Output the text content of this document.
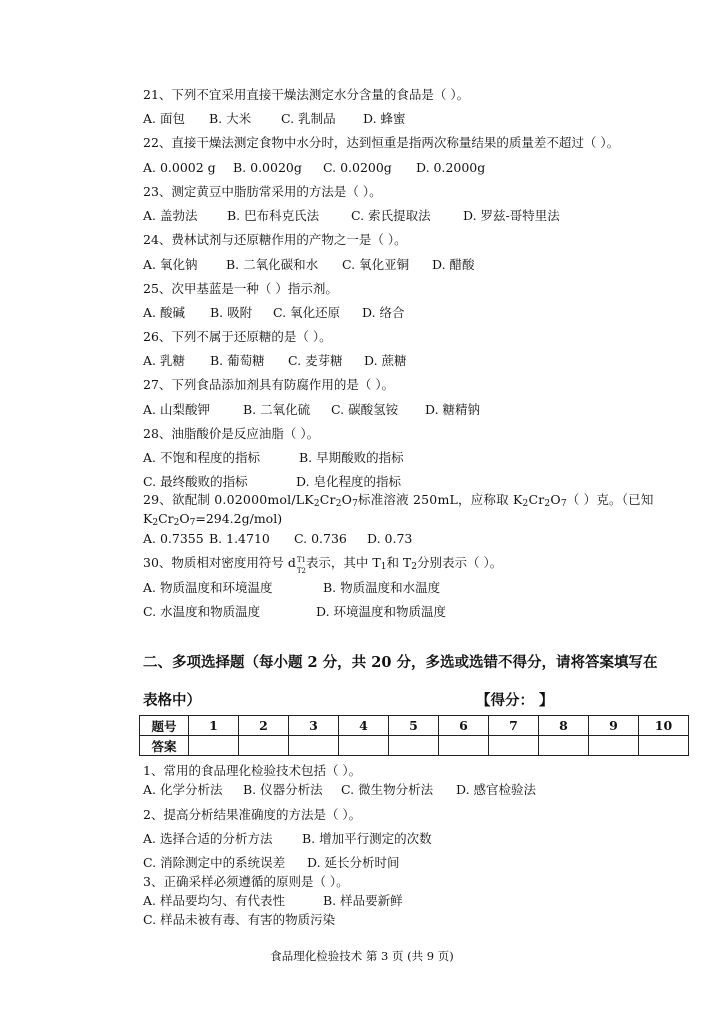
21、下列不宜采用直接干燥法测定水分含量的食品是（ ）。
A. 面包 B. 大米 C. 乳制品 D. 蜂蜜
22、直接干燥法测定食物中水分时，达到恒重是指两次称量结果的质量差不超过（ ）。
A. 0.0002 g B. 0.0020g C. 0.0200g D. 0.2000g
23、测定黄豆中脂肪常采用的方法是（ ）。
A. 盖勃法 B. 巴布科克氏法	C. 索氏提取法	D. 罗兹-哥特里法
24、费林试剂与还原糖作用的产物之一是（ ）。
A. 氧化钠 B. 二氧化碳和水 C. 氧化亚铜 D. 醋酸
25、次甲基蓝是一种（ ）指示剂。
A. 酸碱 B. 吸附 C. 氧化还原 D. 络合
26、下列不属于还原糖的是（ ）。
A. 乳糖 B. 葡萄糖 C. 麦芽糖 D. 蔗糖
27、下列食品添加剂具有防腐作用的是（ ）。
A. 山梨酸钾	B. 二氧化硫 C. 碳酸氢铵 D. 糖精钠
28、油脂酸价是反应油脂（ ）。
A. 不饱和程度的指标	B. 早期酸败的指标
C. 最终酸败的指标	D. 皂化程度的指标
29、欲配制 $0.02000mol/LK_2Cr_2O_7$标准溶液 250mL，应称取 $K_2Cr_2O_7$（ ）克。（已知
$K_2Cr_2O_7=294.2g/mol$)
A. 0.7355 B. 1.4710 C. 0.736 D. 0.73
30、物质相对密度用符号 d T1
T2
表示，其中 $T_1$和 $T_2$分别表示（ ）。
A. 物质温度和环境温度	B. 物质温度和水温度
C. 水温度和物质温度	D. 环境温度和物质温度
二、多项选择题（每小题 2 分，共 20 分，多选或选错不得分，请将答案填写在
表格中）	【得分： 】
题号	1	2	3	4	5	6	7	8	9	10
答案										
1、常用的食品理化检验技术包括（ ）。
A. 化学分析法 B. 仪器分析法 C. 微生物分析法 D. 感官检验法
2、提高分析结果准确度的方法是（ ）。
A. 选择合适的分析方法 B. 增加平行测定的次数
C. 消除测定中的系统误差 D. 延长分析时间
3、正确采样必须遵循的原则是（ ）。
A. 样品要均匀、有代表性	B. 样品要新鲜
C. 样品未被有毒、有害的物质污染
食品理化检验技术 第 3 页 (共 9 页)
